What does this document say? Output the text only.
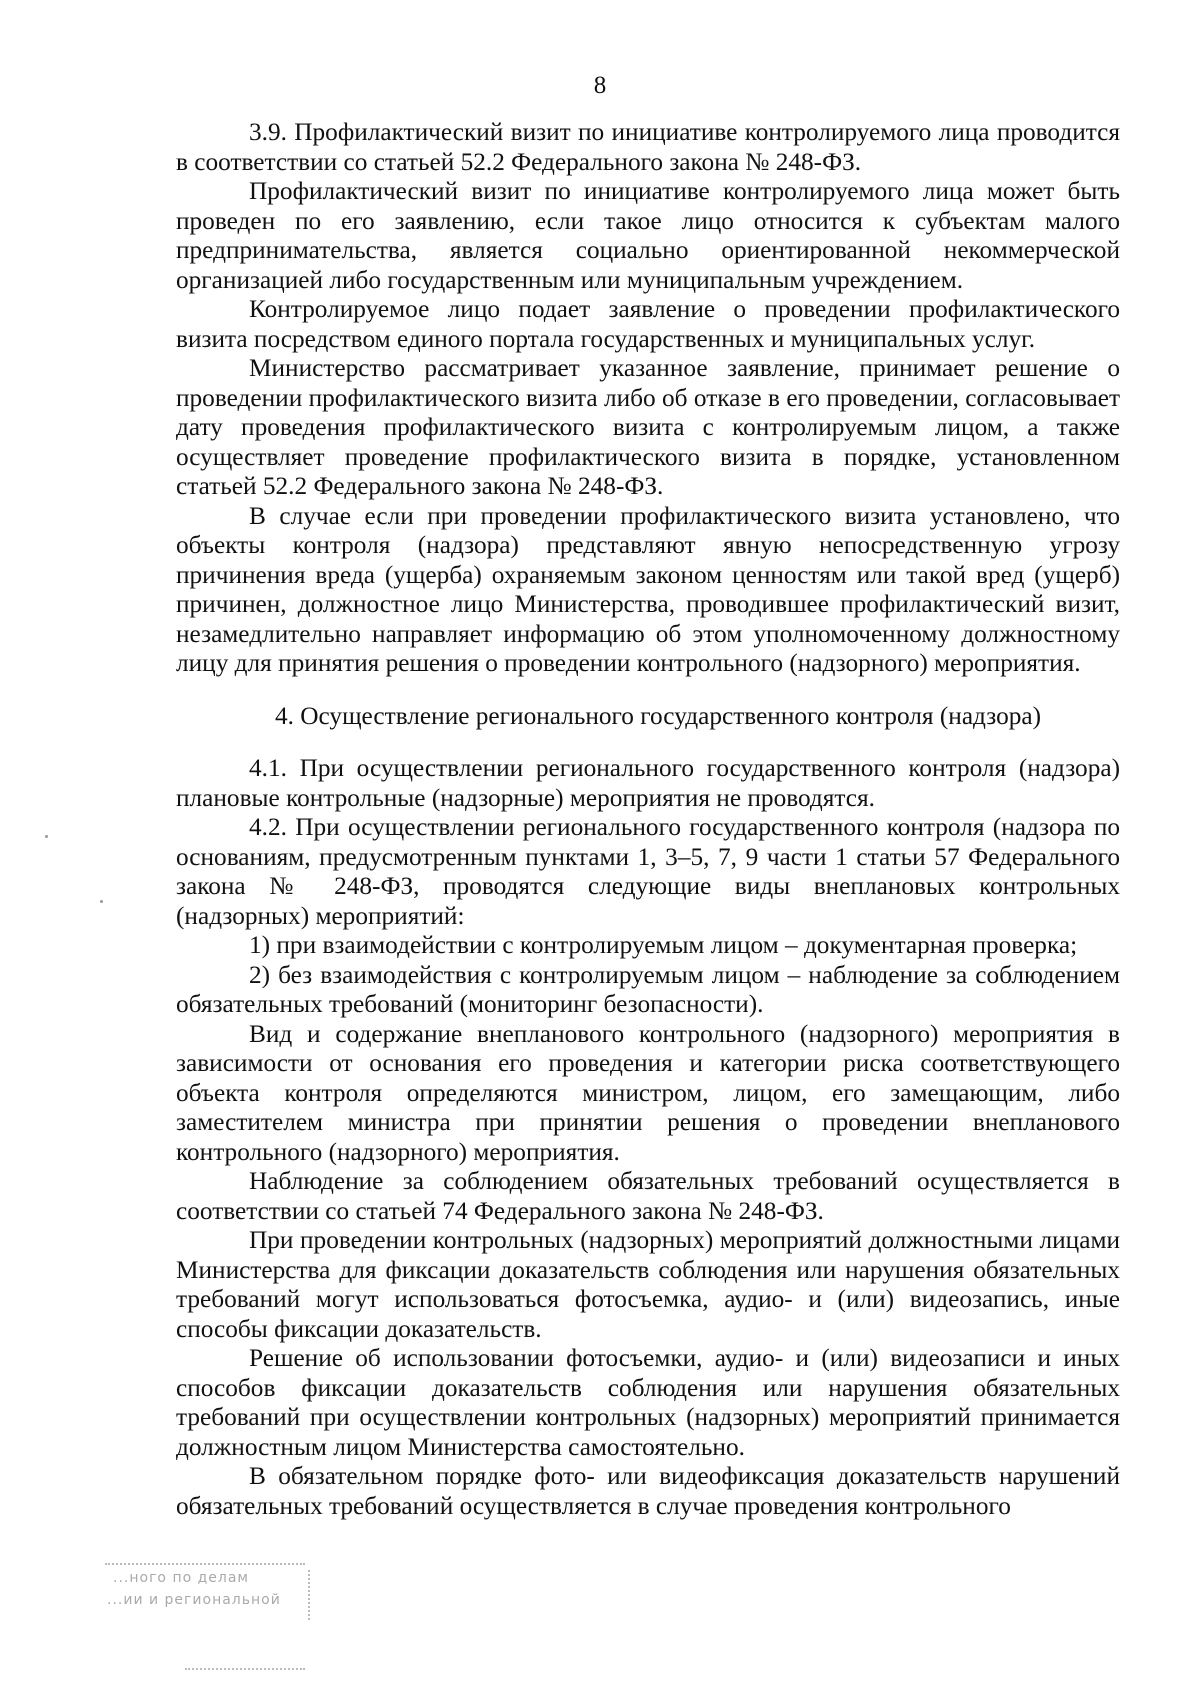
8

3.9. Профилактический визит по инициативе контролируемого лица проводится в соответствии со статьей 52.2 Федерального закона № 248-ФЗ.

Профилактический визит по инициативе контролируемого лица может быть проведен по его заявлению, если такое лицо относится к субъектам малого предпринимательства, является социально ориентированной некоммерческой организацией либо государственным или муниципальным учреждением.

Контролируемое лицо подает заявление о проведении профилактического визита посредством единого портала государственных и муниципальных услуг.

Министерство рассматривает указанное заявление, принимает решение о проведении профилактического визита либо об отказе в его проведении, согласовывает дату проведения профилактического визита с контролируемым лицом, а также осуществляет проведение профилактического визита в порядке, установленном статьей 52.2 Федерального закона № 248-ФЗ.

В случае если при проведении профилактического визита установлено, что объекты контроля (надзора) представляют явную непосредственную угрозу причинения вреда (ущерба) охраняемым законом ценностям или такой вред (ущерб) причинен, должностное лицо Министерства, проводившее профилактический визит, незамедлительно направляет информацию об этом уполномоченному должностному лицу для принятия решения о проведении контрольного (надзорного) мероприятия.

4. Осуществление регионального государственного контроля (надзора)

4.1. При осуществлении регионального государственного контроля (надзора) плановые контрольные (надзорные) мероприятия не проводятся.

4.2. При осуществлении регионального государственного контроля (надзора по основаниям, предусмотренным пунктами 1, 3–5, 7, 9 части 1 статьи 57 Федерального закона № 248-ФЗ, проводятся следующие виды внеплановых контрольных (надзорных) мероприятий:

1) при взаимодействии с контролируемым лицом – документарная проверка;

2) без взаимодействия с контролируемым лицом – наблюдение за соблюдением обязательных требований (мониторинг безопасности).

Вид и содержание внепланового контрольного (надзорного) мероприятия в зависимости от основания его проведения и категории риска соответствующего объекта контроля определяются министром, лицом, его замещающим, либо заместителем министра при принятии решения о проведении внепланового контрольного (надзорного) мероприятия.

Наблюдение за соблюдением обязательных требований осуществляется в соответствии со статьей 74 Федерального закона № 248-ФЗ.

При проведении контрольных (надзорных) мероприятий должностными лицами Министерства для фиксации доказательств соблюдения или нарушения обязательных требований могут использоваться фотосъемка, аудио- и (или) видеозапись, иные способы фиксации доказательств.

Решение об использовании фотосъемки, аудио- и (или) видеозаписи и иных способов фиксации доказательств соблюдения или нарушения обязательных требований при осуществлении контрольных (надзорных) мероприятий принимается должностным лицом Министерства самостоятельно.

В обязательном порядке фото- или видеофиксация доказательств нарушений обязательных требований осуществляется в случае проведения контрольного

...ного по делам
...ии и региональной
